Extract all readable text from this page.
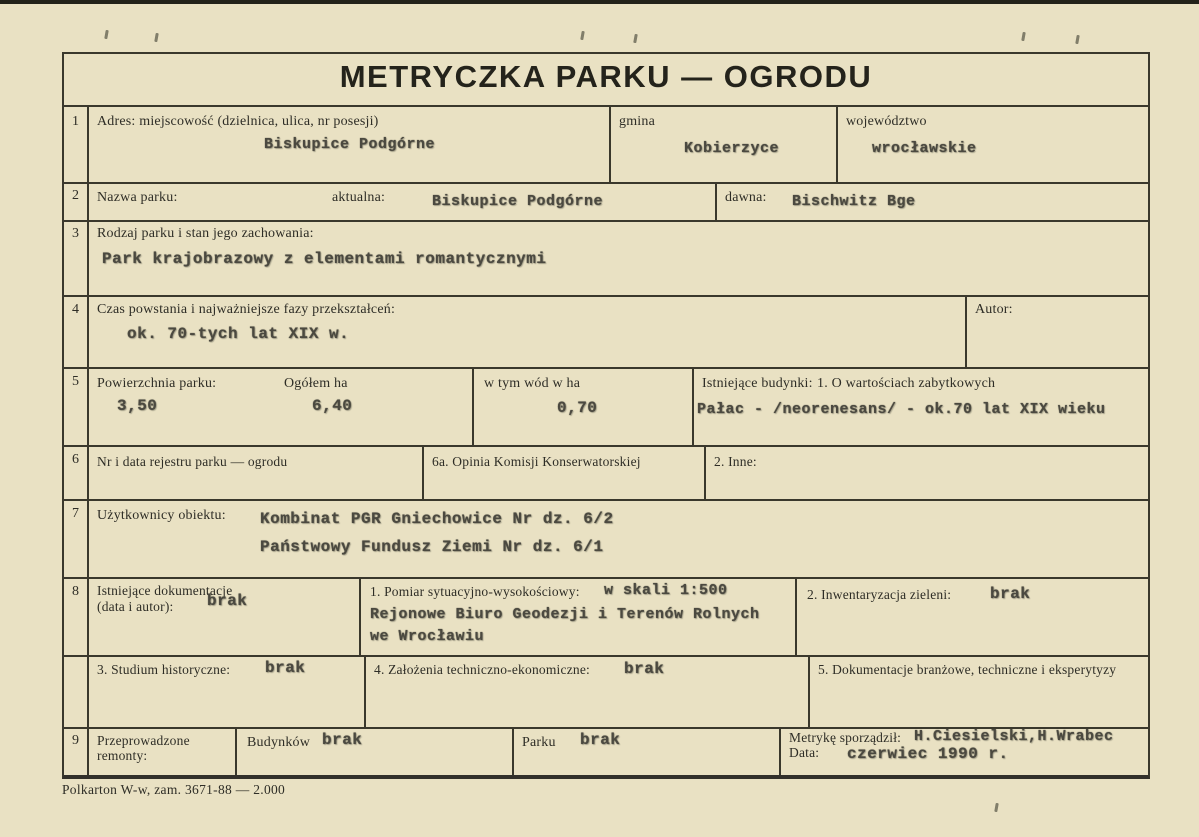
METRYCZKA PARKU — OGRODU
1 Adres: miejscowość (dzielnica, ulica, nr posesji)
Biskupice Podgórne
gmina
Kobierzyce
województwo
wrocławskie
2 Nazwa parku:	aktualna:	Biskupice Podgórne	dawna: Bischwitz Bge
3 Rodzaj parku i stan jego zachowania:
Park krajobrazowy z elementami romantycznymi
4 Czas powstania i najważniejsze fazy przekształceń:
ok. 70-tych lat XIX w.
Autor:
5 Powierzchnia parku:
3,50
Ogółem ha
6,40
w tym wód w ha
0,70
Istniejące budynki: 1. O wartościach zabytkowych
Pałac - /neorenesans/ - ok.70 lat XIX wieku
6 Nr i data rejestru parku — ogrodu	6a. Opinia Komisji Konserwatorskiej	2. Inne:
7 Użytkownicy obiektu: Kombinat PGR Gniechowice Nr dz. 6/2
Państwowy Fundusz Ziemi Nr dz. 6/1
8 Istniejące dokumentacje
(data i autor): brak
1. Pomiar sytuacyjno-wysokościowy: w skali 1:500
Rejonowe Biuro Geodezji i Terenów Rolnych
we Wrocławiu
2. Inwentaryzacja zieleni: brak
3. Studium historyczne: brak	4. Założenia techniczno-ekonomiczne: brak	5. Dokumentacje branżowe, techniczne i eksperytyzy
9 Przeprowadzone
remonty:
Budynków brak	Parku brak	Metrykę sporządził: H.Ciesielski,H.Wrabec
Data: czerwiec 1990 r.
Polkarton W-w, zam. 3671-88 — 2.000
